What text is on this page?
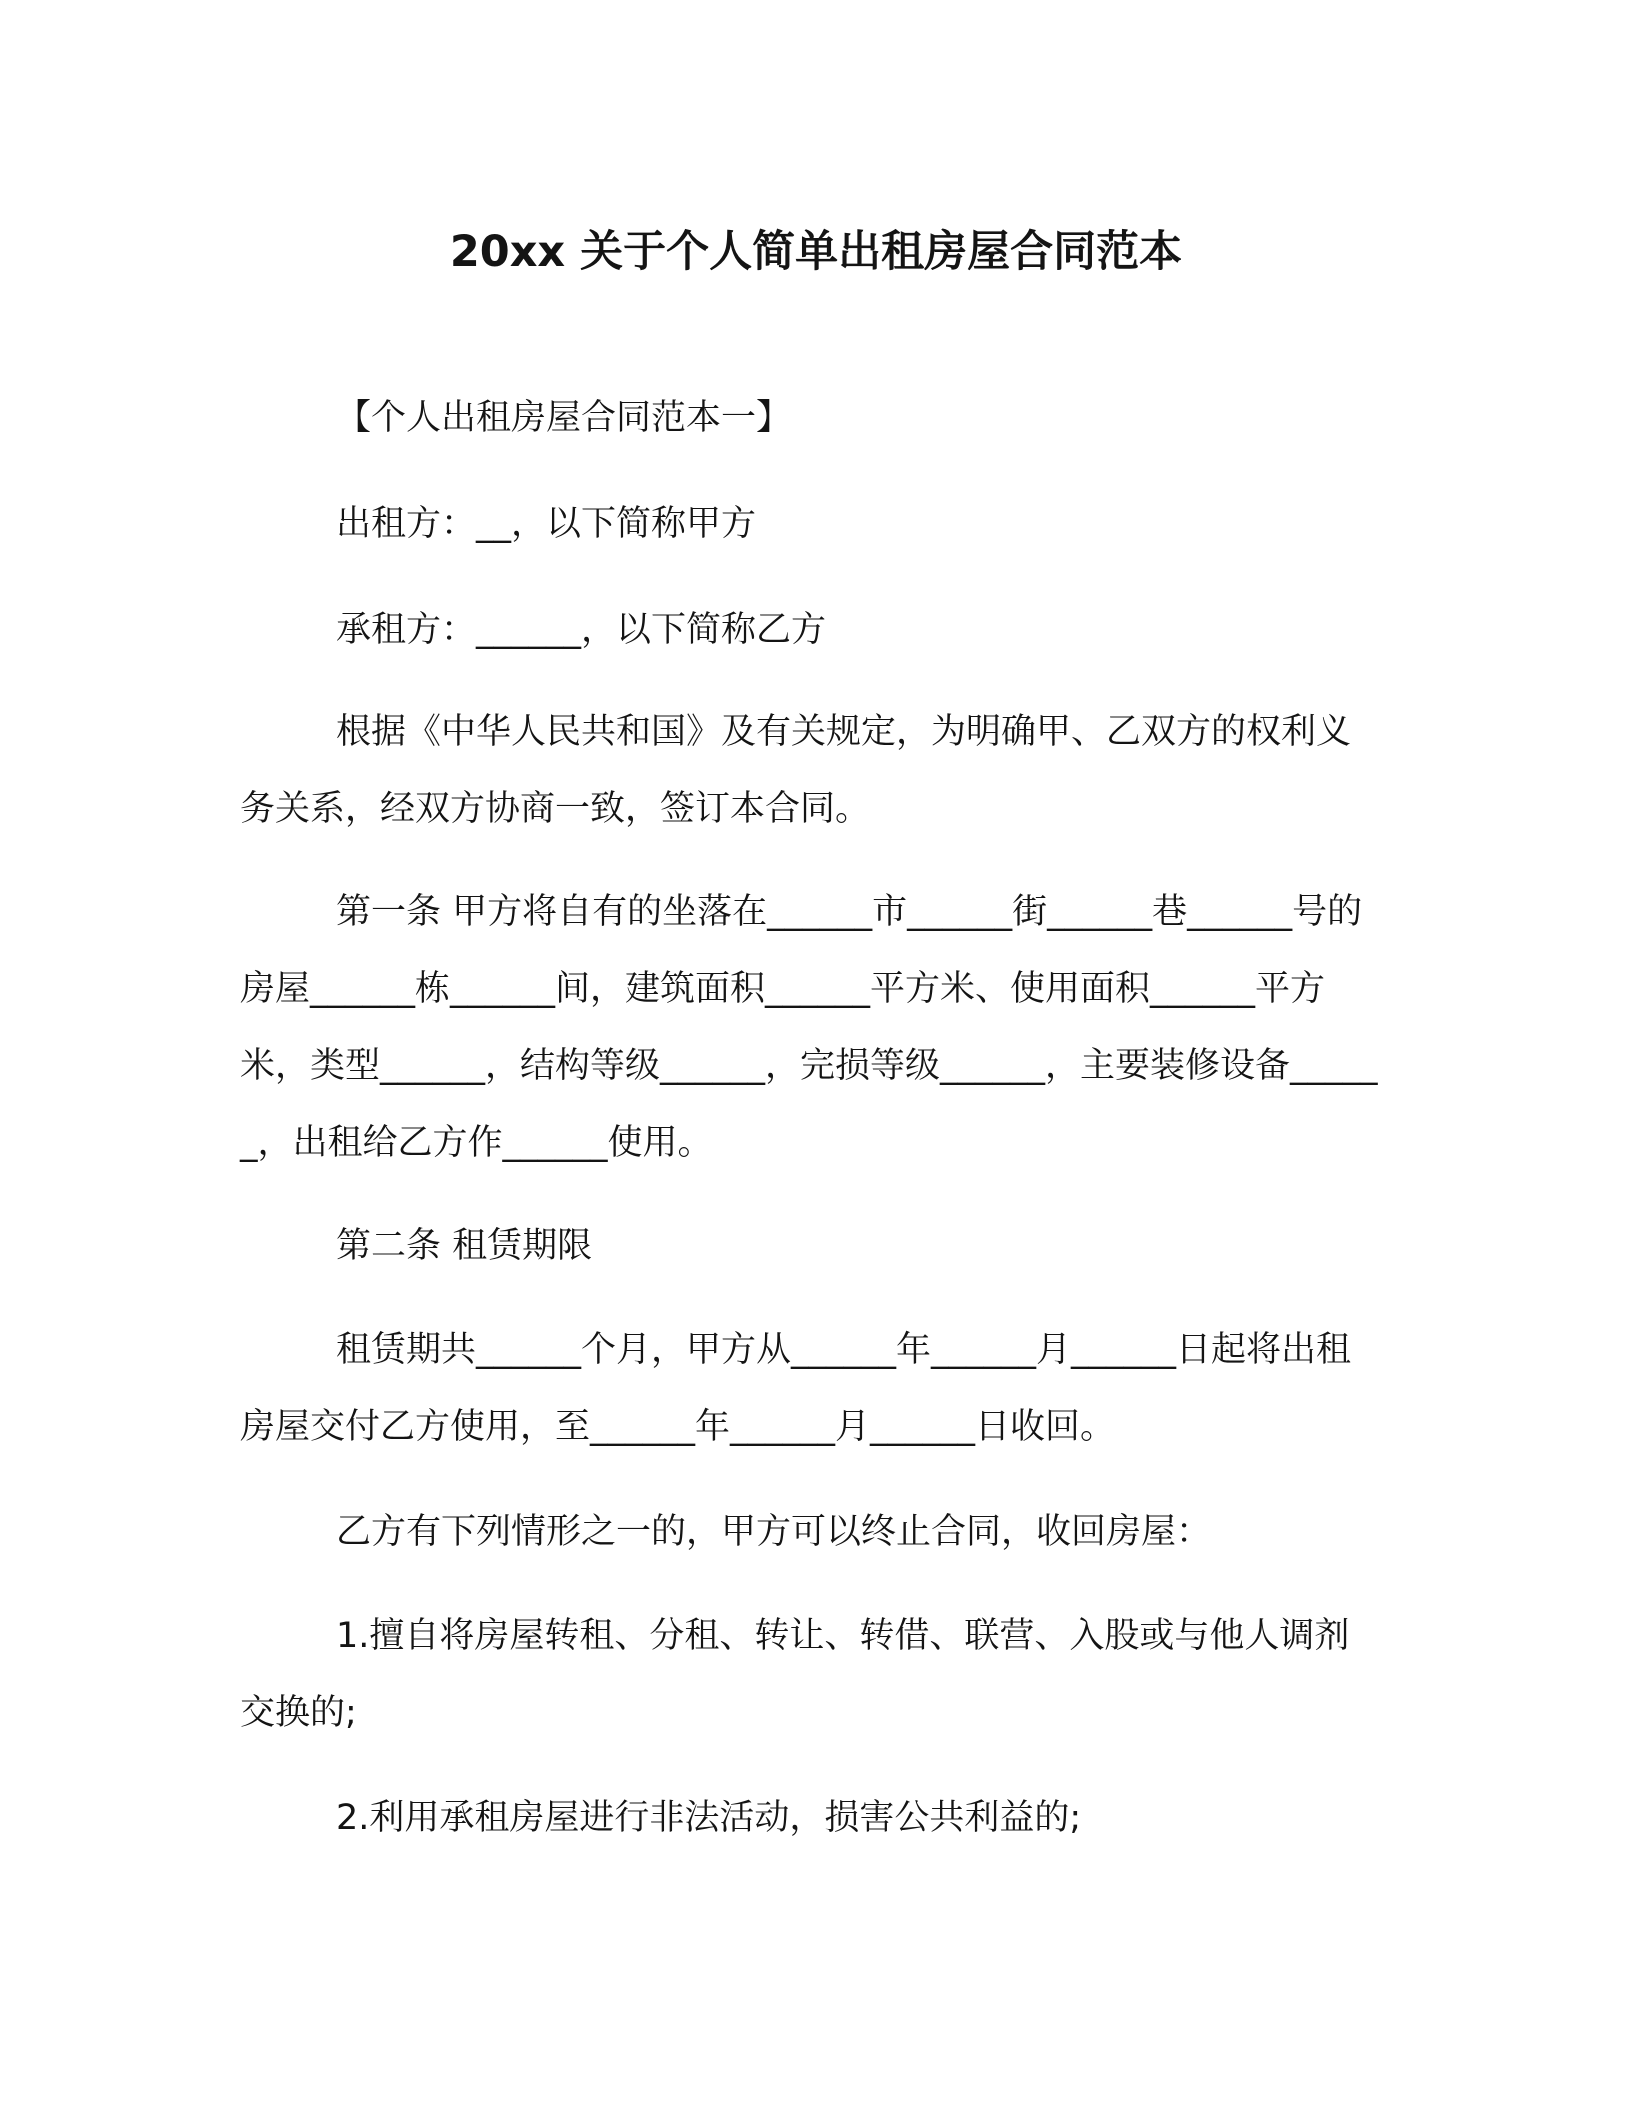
20xx 关于个人简单出租房屋合同范本

【个人出租房屋合同范本一】

出租方：__，以下简称甲方

承租方：______，以下简称乙方

根据《中华人民共和国》及有关规定，为明确甲、乙双方的权利义务关系，经双方协商一致，签订本合同。

第一条 甲方将自有的坐落在______市______街______巷______号的房屋______栋______间，建筑面积______平方米、使用面积______平方米，类型______，结构等级______，完损等级______，主要装修设备______，出租给乙方作______使用。

第二条 租赁期限

租赁期共______个月，甲方从______年______月______日起将出租房屋交付乙方使用，至______年______月______日收回。

乙方有下列情形之一的，甲方可以终止合同，收回房屋：

1.擅自将房屋转租、分租、转让、转借、联营、入股或与他人调剂交换的;

2.利用承租房屋进行非法活动，损害公共利益的;
